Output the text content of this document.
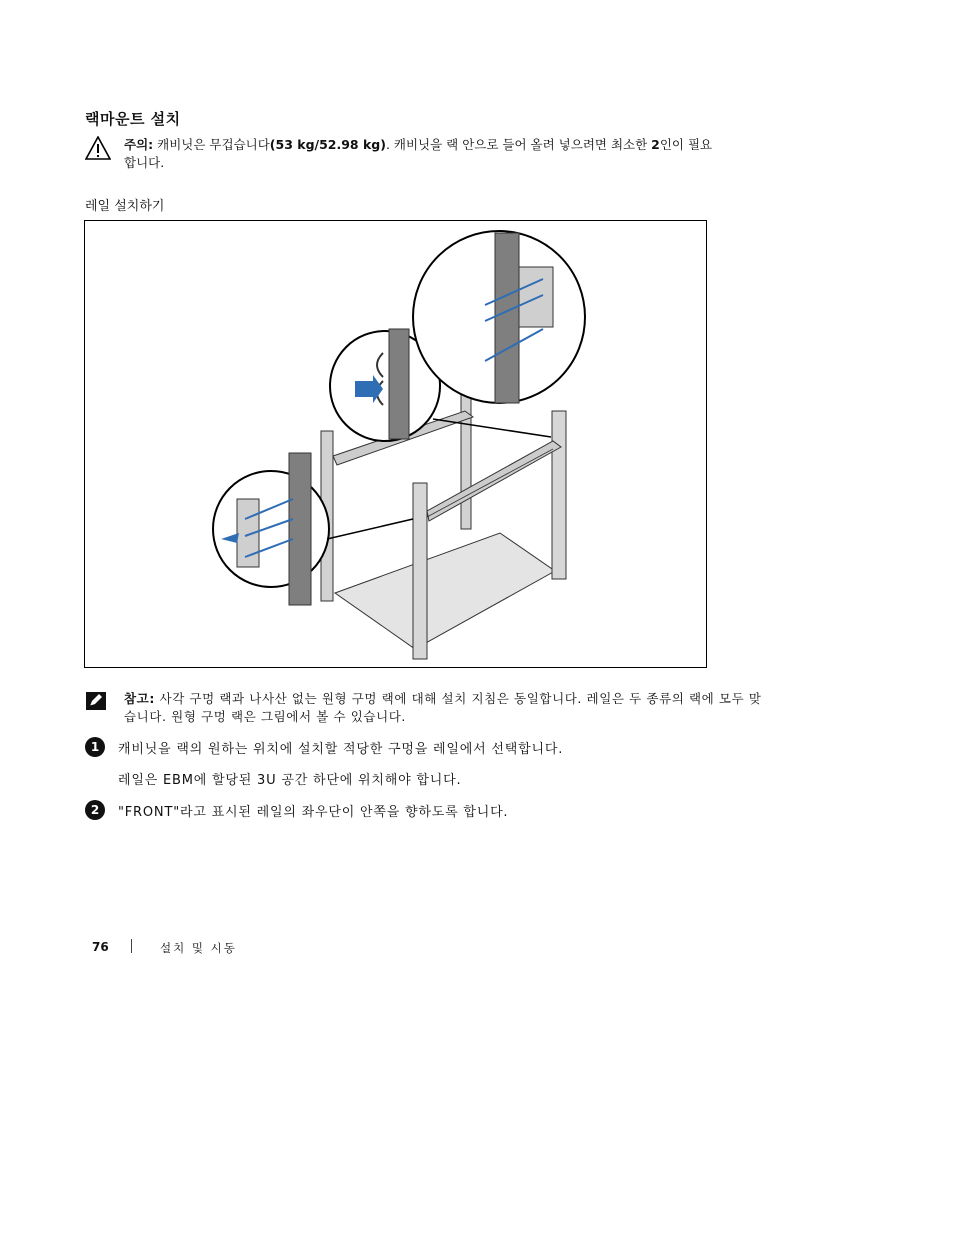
랙마운트 설치
주의: 캐비닛은 무겁습니다(53 kg/52.98 kg). 캐비닛을 랙 안으로 들어 올려 넣으려면 최소한 2인이 필요합니다.
레일 설치하기
참고: 사각 구멍 랙과 나사산 없는 원형 구멍 랙에 대해 설치 지침은 동일합니다. 레일은 두 종류의 랙에 모두 맞습니다. 원형 구멍 랙은 그림에서 볼 수 있습니다.
1	캐비닛을 랙의 원하는 위치에 설치할 적당한 구멍을 레일에서 선택합니다.
레일은 EBM에 할당된 3U 공간 하단에 위치해야 합니다.
2	"FRONT"라고 표시된 레일의 좌우단이 안쪽을 향하도록 합니다.
76	설치 및 시동
